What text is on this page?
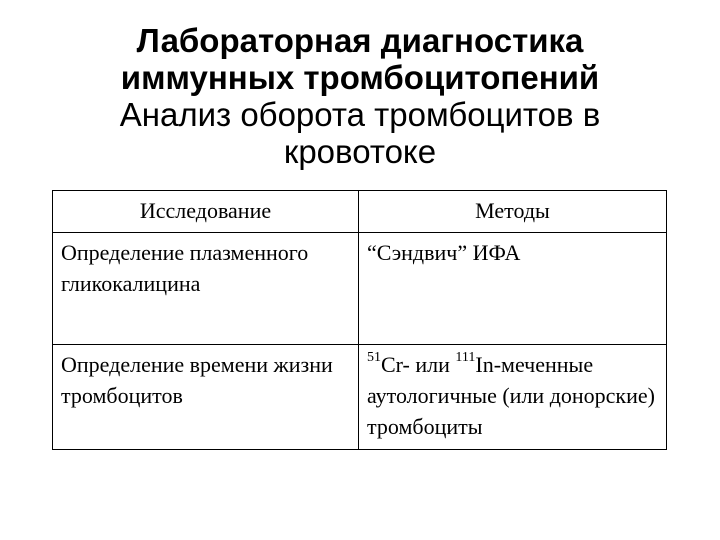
Лабораторная диагностика
иммунных тромбоцитопений
Анализ оборота тромбоцитов в
кровотоке
Исследование	Методы

Определение плазменного гликокалицина	“Сэндвич” ИФА

Определение времени жизни тромбоцитов	$^{51}$Cr- или $^{111}$In-меченные аутологичные (или донорские) тромбоциты
